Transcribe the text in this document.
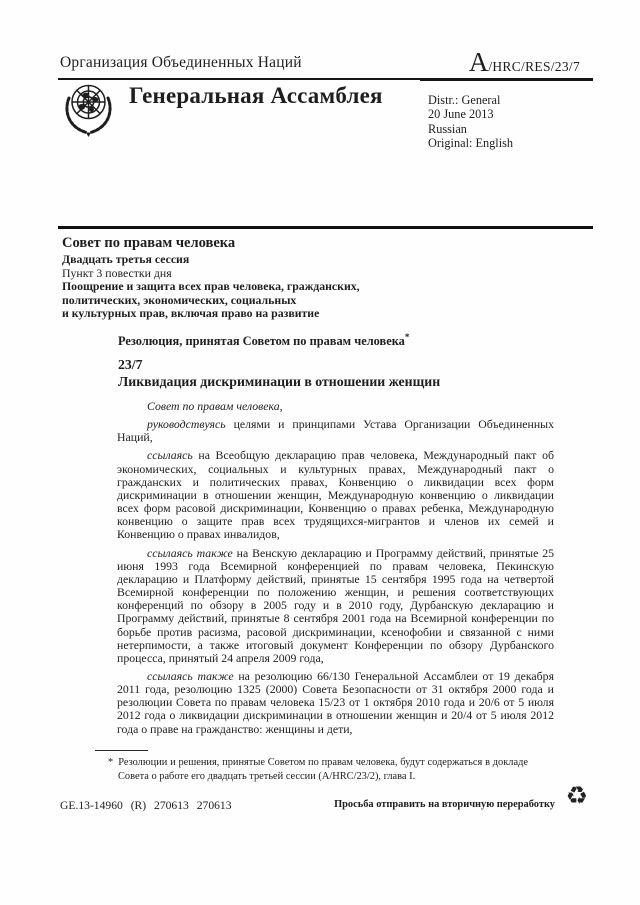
Организация Объединенных Наций	A /HRC/RES/23/7
Генеральная Ассамблея	Distr.: General
20 June 2013
Russian
Original: English
Совет по правам человека
Двадцать третья сессия
Пункт 3 повестки дня
Поощрение и защита всех прав человека, гражданских,
политических, экономических, социальных
и культурных прав, включая право на развитие
Резолюция, принятая Советом по правам человека*
23/7
Ликвидация дискриминации в отношении женщин

Совет по правам человека,

руководствуясь целями и принципами Устава Организации Объединенных Наций,

ссылаясь на Всеобщую декларацию прав человека, Международный пакт об экономических, социальных и культурных правах, Международный пакт о гражданских и политических правах, Конвенцию о ликвидации всех форм дискриминации в отношении женщин, Международную конвенцию о ликвидации всех форм расовой дискриминации, Конвенцию о правах ребенка, Международную конвенцию о защите прав всех трудящихся-мигрантов и членов их семей и Конвенцию о правах инвалидов,

ссылаясь также на Венскую декларацию и Программу действий, принятые 25 июня 1993 года Всемирной конференцией по правам человека, Пекинскую декларацию и Платформу действий, принятые 15 сентября 1995 года на четвертой Всемирной конференции по положению женщин, и решения соответствующих конференций по обзору в 2005 году и в 2010 году, Дурбанскую декларацию и Программу действий, принятые 8 сентября 2001 года на Всемирной конференции по борьбе против расизма, расовой дискриминации, ксенофобии и связанной с ними нетерпимости, а также итоговый документ Конференции по обзору Дурбанского процесса, принятый 24 апреля 2009 года,

ссылаясь также на резолюцию 66/130 Генеральной Ассамблеи от 19 декабря 2011 года, резолюцию 1325 (2000) Совета Безопасности от 31 октября 2000 года и резолюции Совета по правам человека 15/23 от 1 октября 2010 года и 20/6 от 5 июля 2012 года о ликвидации дискриминации в отношении женщин и 20/4 от 5 июля 2012 года о праве на гражданство: женщины и дети,

* Резолюции и решения, принятые Советом по правам человека, будут содержаться в докладе Совета о работе его двадцать третьей сессии (A/HRC/23/2), глава I.
GE.13-14960 (R) 270613 270613	Просьба отправить на вторичную переработку ♻
